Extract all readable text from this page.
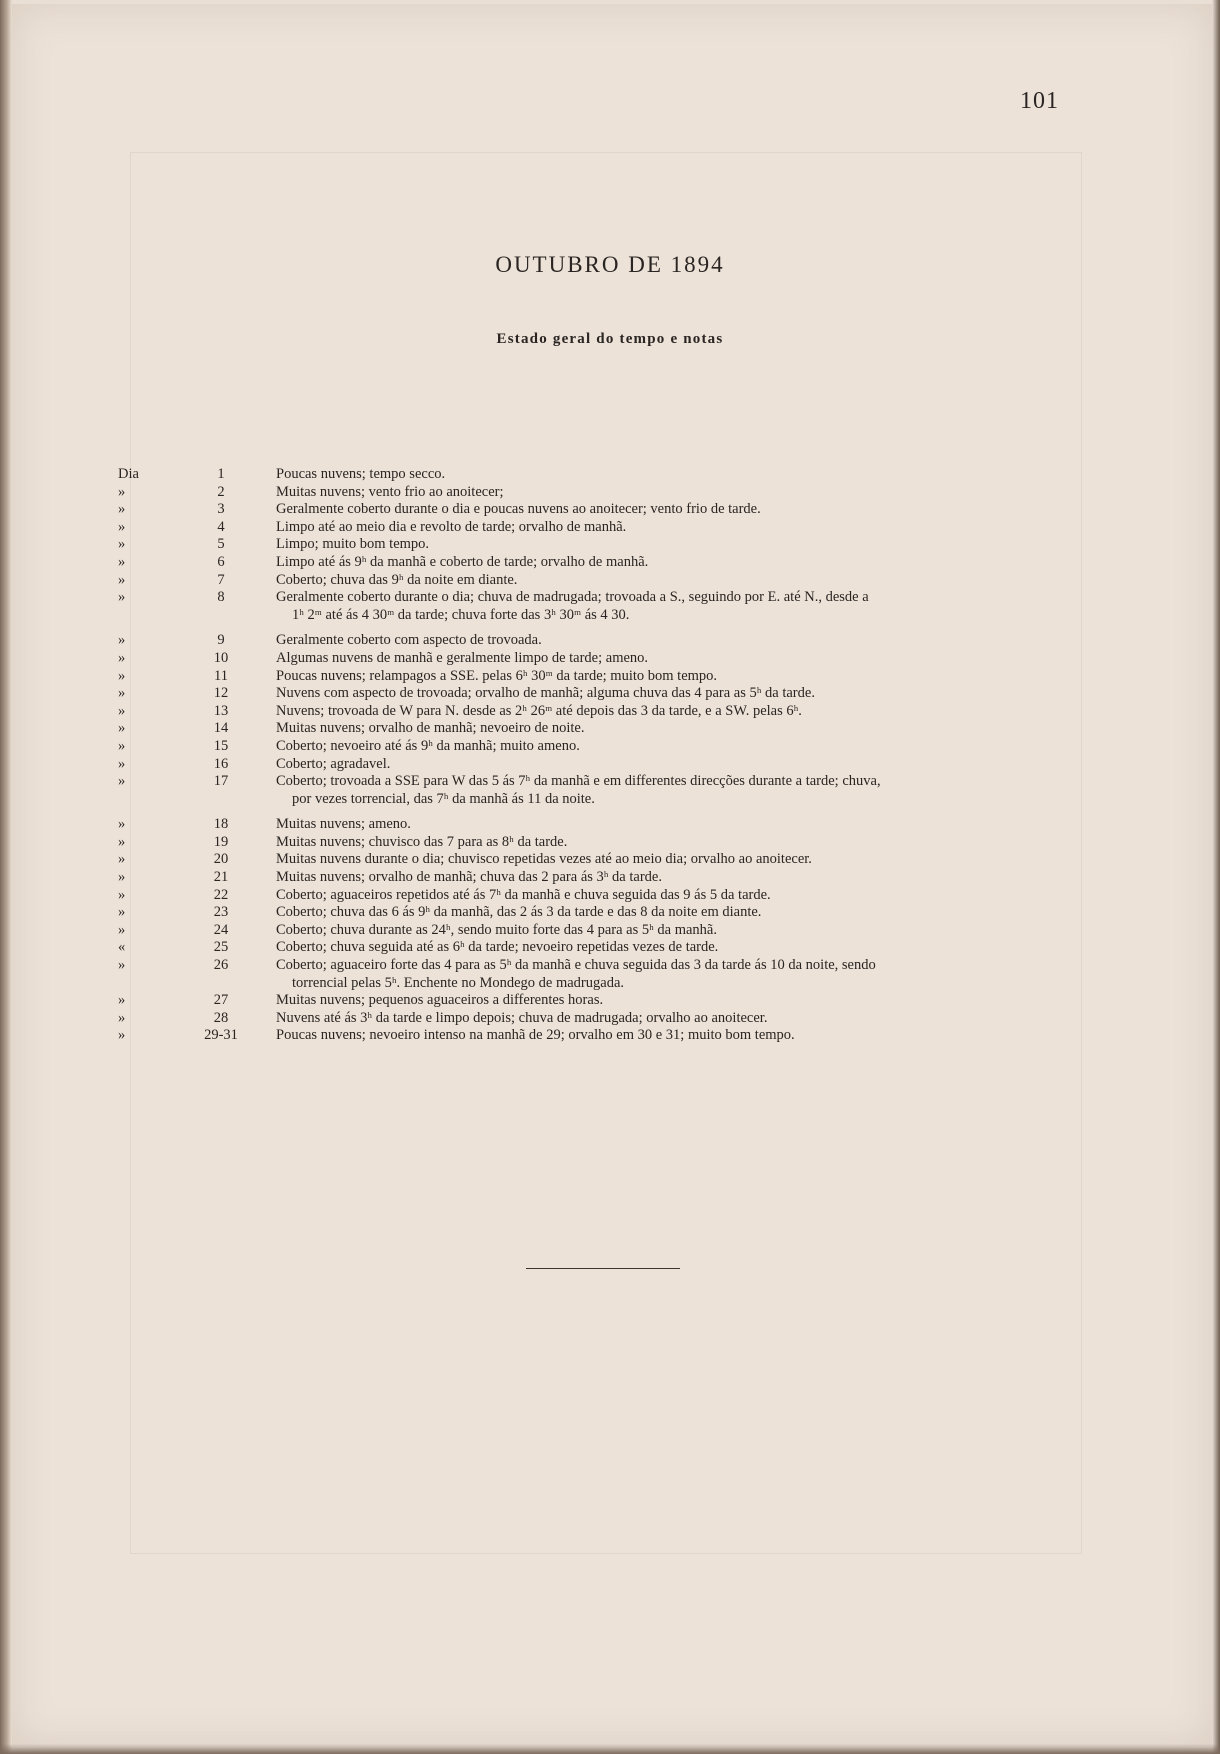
101
OUTUBRO DE 1894
Estado geral do tempo e notas
Dia	1	Poucas nuvens; tempo secco.
»	2	Muitas nuvens; vento frio ao anoitecer;
»	3	Geralmente coberto durante o dia e poucas nuvens ao anoitecer; vento frio de tarde.
»	4	Limpo até ao meio dia e revolto de tarde; orvalho de manhã.
»	5	Limpo; muito bom tempo.
»	6	Limpo até ás 9ʰ da manhã e coberto de tarde; orvalho de manhã.
»	7	Coberto; chuva das 9ʰ da noite em diante.
»	8	Geralmente coberto durante o dia; chuva de madrugada; trovoada a S., seguindo por E. até N., desde a
1ʰ 2ᵐ até ás 4 30ᵐ da tarde; chuva forte das 3ʰ 30ᵐ ás 4 30.
»	9	Geralmente coberto com aspecto de trovoada.
»	10	Algumas nuvens de manhã e geralmente limpo de tarde; ameno.
»	11	Poucas nuvens; relampagos a SSE. pelas 6ʰ 30ᵐ da tarde; muito bom tempo.
»	12	Nuvens com aspecto de trovoada; orvalho de manhã; alguma chuva das 4 para as 5ʰ da tarde.
»	13	Nuvens; trovoada de W para N. desde as 2ʰ 26ᵐ até depois das 3 da tarde, e a SW. pelas 6ʰ.
»	14	Muitas nuvens; orvalho de manhã; nevoeiro de noite.
»	15	Coberto; nevoeiro até ás 9ʰ da manhã; muito ameno.
»	16	Coberto; agradavel.
»	17	Coberto; trovoada a SSE para W das 5 ás 7ʰ da manhã e em differentes direcções durante a tarde; chuva,
por vezes torrencial, das 7ʰ da manhã ás 11 da noite.
»	18	Muitas nuvens; ameno.
»	19	Muitas nuvens; chuvisco das 7 para as 8ʰ da tarde.
»	20	Muitas nuvens durante o dia; chuvisco repetidas vezes até ao meio dia; orvalho ao anoitecer.
»	21	Muitas nuvens; orvalho de manhã; chuva das 2 para ás 3ʰ da tarde.
»	22	Coberto; aguaceiros repetidos até ás 7ʰ da manhã e chuva seguida das 9 ás 5 da tarde.
»	23	Coberto; chuva das 6 ás 9ʰ da manhã, das 2 ás 3 da tarde e das 8 da noite em diante.
»	24	Coberto; chuva durante as 24ʰ, sendo muito forte das 4 para as 5ʰ da manhã.
«	25	Coberto; chuva seguida até as 6ʰ da tarde; nevoeiro repetidas vezes de tarde.
»	26	Coberto; aguaceiro forte das 4 para as 5ʰ da manhã e chuva seguida das 3 da tarde ás 10 da noite, sendo
torrencial pelas 5ʰ. Enchente no Mondego de madrugada.
»	27	Muitas nuvens; pequenos aguaceiros a differentes horas.
»	28	Nuvens até ás 3ʰ da tarde e limpo depois; chuva de madrugada; orvalho ao anoitecer.
»	29-31	Poucas nuvens; nevoeiro intenso na manhã de 29; orvalho em 30 e 31; muito bom tempo.
